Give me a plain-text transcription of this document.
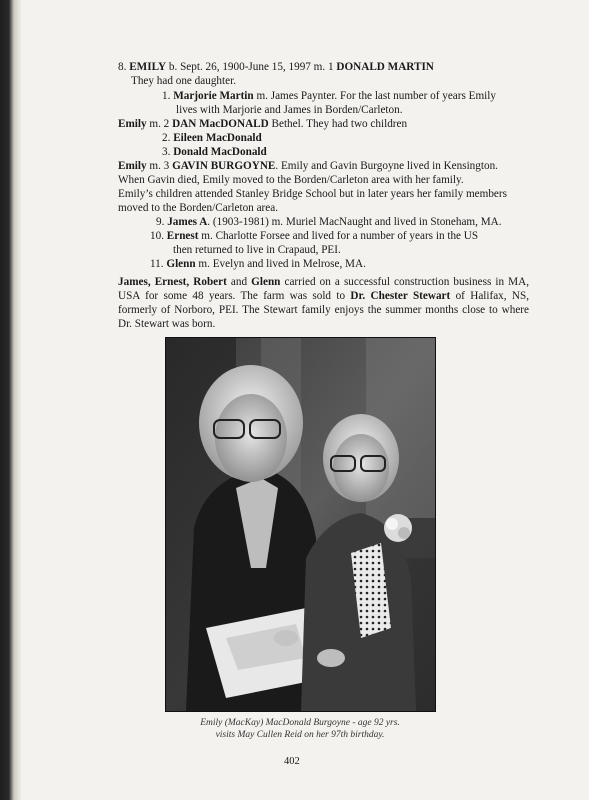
8. EMILY b. Sept. 26, 1900-June 15, 1997 m. 1 DONALD MARTIN
They had one daughter.
1. Marjorie Martin m. James Paynter. For the last number of years Emily
lives with Marjorie and James in Borden/Carleton.
Emily m. 2 DAN MacDONALD Bethel. They had two children
2. Eileen MacDonald
3. Donald MacDonald
Emily m. 3 GAVIN BURGOYNE. Emily and Gavin Burgoyne lived in Kensington.
When Gavin died, Emily moved to the Borden/Carleton area with her family.
Emily’s children attended Stanley Bridge School but in later years her family members
moved to the Borden/Carleton area.
9. James A. (1903-1981) m. Muriel MacNaught and lived in Stoneham, MA.
10. Ernest m. Charlotte Forsee and lived for a number of years in the US
then returned to live in Crapaud, PEI.
11. Glenn m. Evelyn and lived in Melrose, MA.
James, Ernest, Robert and Glenn carried on a successful construction business in MA, USA for some 48 years. The farm was sold to Dr. Chester Stewart of Halifax, NS, formerly of Norboro, PEI. The Stewart family enjoys the summer months close to where Dr. Stewart was born.
Emily (MacKay) MacDonald Burgoyne - age 92 yrs.
visits May Cullen Reid on her 97th birthday.
402
